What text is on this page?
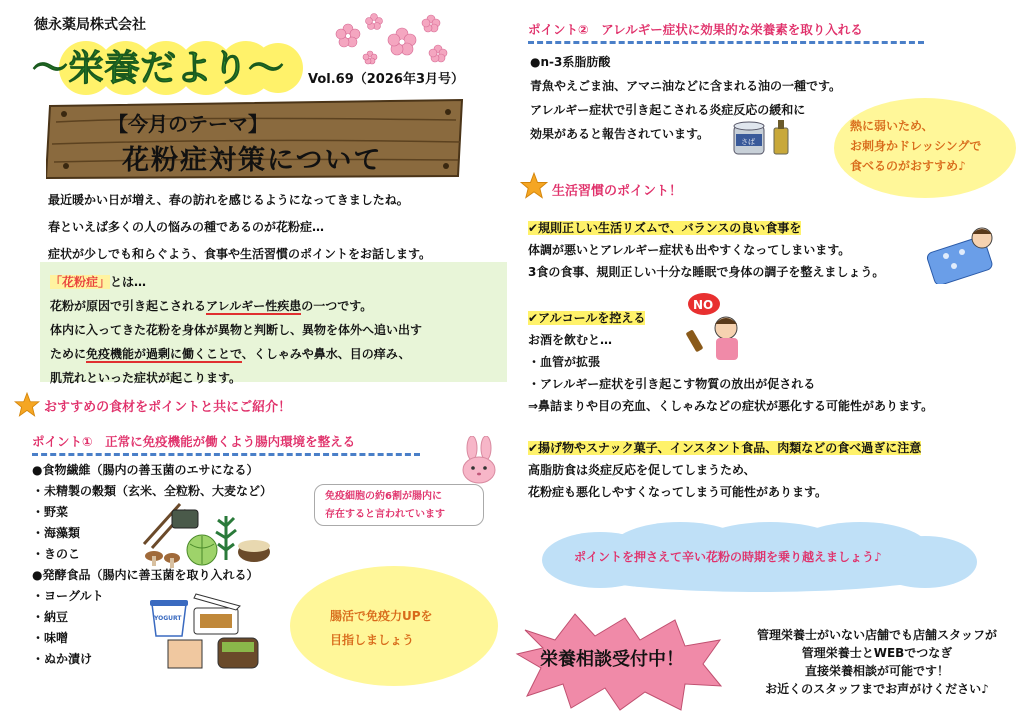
徳永薬局株式会社
～栄養だより～ Vol.69（2026年3月号）
【今月のテーマ】
花粉症対策について
最近暖かい日が増え、春の訪れを感じるようになってきましたね。
春といえば多くの人の悩みの種であるのが花粉症…
症状が少しでも和らぐよう、食事や生活習慣のポイントをお話します。
「花粉症」とは…
花粉が原因で引き起こされるアレルギー性疾患の一つです。
体内に入ってきた花粉を身体が異物と判断し、異物を体外へ追い出す
ために免疫機能が過剰に働くことで、くしゃみや鼻水、目の痒み、
肌荒れといった症状が起こります。
おすすめの食材をポイントと共にご紹介！
ポイント①　正常に免疫機能が働くよう腸内環境を整える
●食物繊維（腸内の善玉菌のエサになる）
・未精製の穀類（玄米、全粒粉、大麦など）
・野菜
・海藻類
・きのこ
●発酵食品（腸内に善玉菌を取り入れる）
・ヨーグルト
・納豆
・味噌
・ぬか漬け
免疫細胞の約6割が腸内に
存在すると言われています
YOGURT	腸活で免疫力UPを
目指しましょう
ポイント②　アレルギー症状に効果的な栄養素を取り入れる
●n-3系脂肪酸
青魚やえごま油、アマニ油などに含まれる油の一種です。
アレルギー症状で引き起こされる炎症反応の緩和に
効果があると報告されています。
さば
熱に弱いため、
お刺身かドレッシングで
食べるのがおすすめ♪
生活習慣のポイント！
✔規則正しい生活リズムで、バランスの良い食事を
体調が悪いとアレルギー症状も出やすくなってしまいます。
3食の食事、規則正しい十分な睡眠で身体の調子を整えましょう。
✔アルコールを控える
お酒を飲むと…
・血管が拡張
・アレルギー症状を引き起こす物質の放出が促される
⇒鼻詰まりや目の充血、くしゃみなどの症状が悪化する可能性があります。
NO
✔揚げ物やスナック菓子、インスタント食品、肉類などの食べ過ぎに注意
高脂肪食は炎症反応を促してしまうため、
花粉症も悪化しやすくなってしまう可能性があります。
ポイントを押さえて辛い花粉の時期を乗り越えましょう♪
栄養相談受付中！
管理栄養士がいない店舗でも店舗スタッフが
管理栄養士とWEBでつなぎ
直接栄養相談が可能です！
お近くのスタッフまでお声がけください♪
